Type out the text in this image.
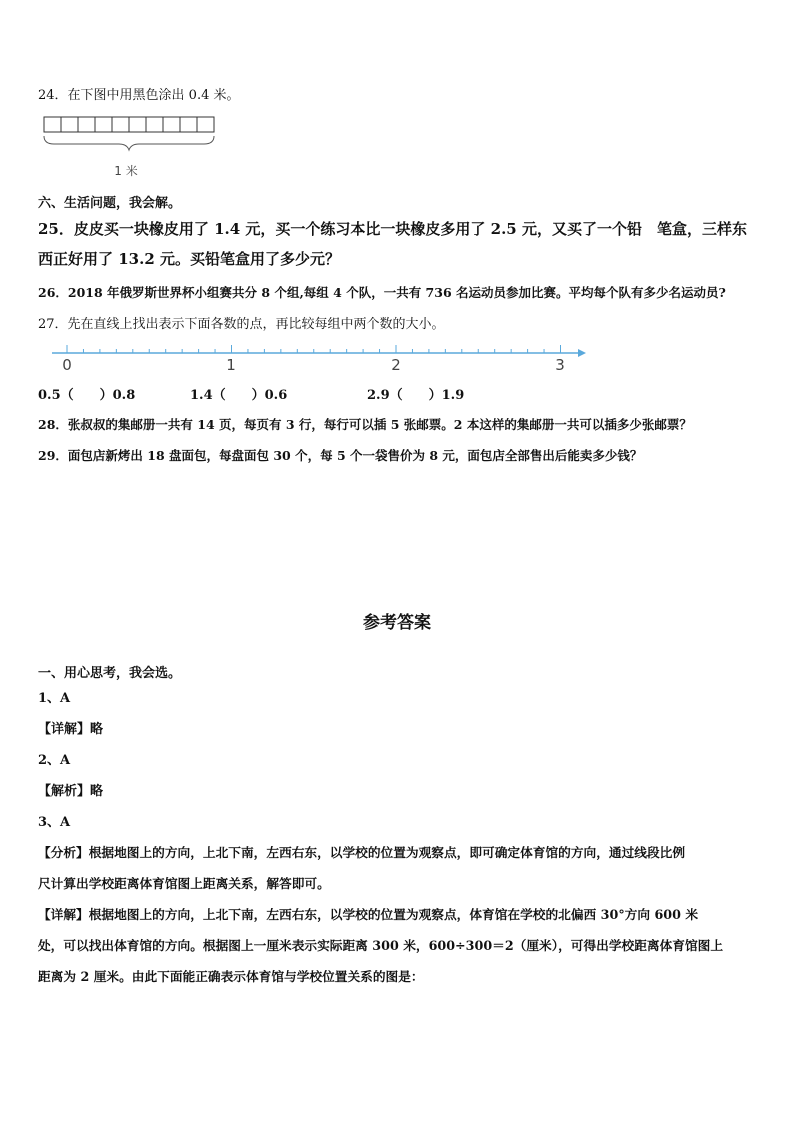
24．在下图中用黑色涂出 0.4 米。
1 米
六、生活问题，我会解。
25．皮皮买一块橡皮用了 1.4 元，买一个练习本比一块橡皮多用了 2.5 元，又买了一个铅　笔盒，三样东
西正好用了 13.2 元。买铅笔盒用了多少元？
26．2018 年俄罗斯世界杯小组赛共分 8 个组,每组 4 个队，一共有 736 名运动员参加比赛。平均每个队有多少名运动员?
27．先在直线上找出表示下面各数的点，再比较每组中两个数的大小。
0	1	2	3
0.5（　　）0.8	1.4（　　）0.6	2.9（　　）1.9
28．张叔叔的集邮册一共有 14 页，每页有 3 行，每行可以插 5 张邮票。2 本这样的集邮册一共可以插多少张邮票？
29．面包店新烤出 18 盘面包，每盘面包 30 个，每 5 个一袋售价为 8 元，面包店全部售出后能卖多少钱？
参考答案
一、用心思考，我会选。
1、A
【详解】略
2、A
【解析】略
3、A
【分析】根据地图上的方向，上北下南，左西右东，以学校的位置为观察点，即可确定体育馆的方向，通过线段比例
尺计算出学校距离体育馆图上距离关系，解答即可。
【详解】根据地图上的方向，上北下南，左西右东，以学校的位置为观察点，体育馆在学校的北偏西 30°方向 600 米
处，可以找出体育馆的方向。根据图上一厘米表示实际距离 300 米，600÷300＝2（厘米），可得出学校距离体育馆图上
距离为 2 厘米。由此下面能正确表示体育馆与学校位置关系的图是：
